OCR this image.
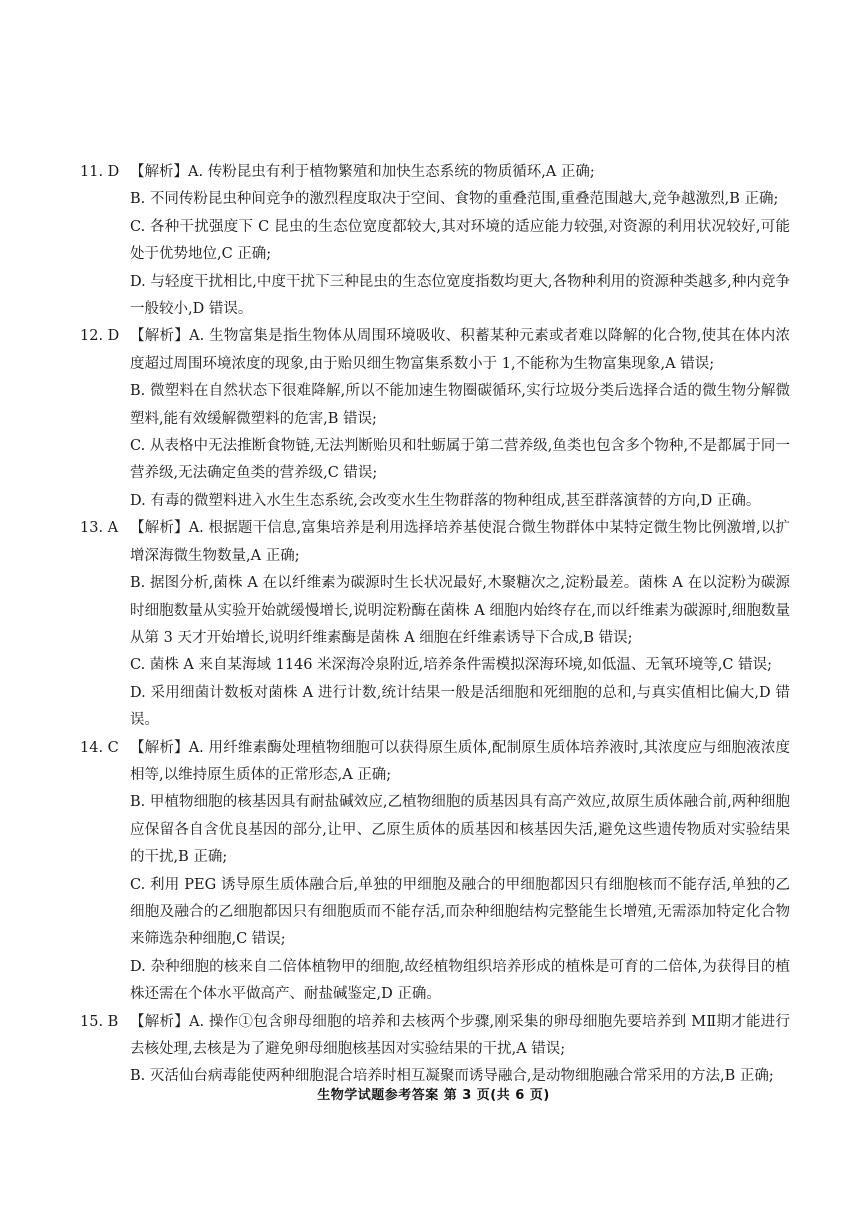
11. D 【解析】A. 传粉昆虫有利于植物繁殖和加快生态系统的物质循环,A 正确;

B. 不同传粉昆虫种间竞争的激烈程度取决于空间、食物的重叠范围,重叠范围越大,竞争越激烈,B 正确;

C. 各种干扰强度下 C 昆虫的生态位宽度都较大,其对环境的适应能力较强,对资源的利用状况较好,可能处于优势地位,C 正确;

D. 与轻度干扰相比,中度干扰下三种昆虫的生态位宽度指数均更大,各物种利用的资源种类越多,种内竞争一般较小,D 错误。

12. D 【解析】A. 生物富集是指生物体从周围环境吸收、积蓄某种元素或者难以降解的化合物,使其在体内浓度超过周围环境浓度的现象,由于贻贝细生物富集系数小于 1,不能称为生物富集现象,A 错误;

B. 微塑料在自然状态下很难降解,所以不能加速生物圈碳循环,实行垃圾分类后选择合适的微生物分解微塑料,能有效缓解微塑料的危害,B 错误;

C. 从表格中无法推断食物链,无法判断贻贝和牡蛎属于第二营养级,鱼类也包含多个物种,不是都属于同一营养级,无法确定鱼类的营养级,C 错误;

D. 有毒的微塑料进入水生生态系统,会改变水生生物群落的物种组成,甚至群落演替的方向,D 正确。

13. A 【解析】A. 根据题干信息,富集培养是利用选择培养基使混合微生物群体中某特定微生物比例激增,以扩增深海微生物数量,A 正确;

B. 据图分析,菌株 A 在以纤维素为碳源时生长状况最好,木聚糖次之,淀粉最差。菌株 A 在以淀粉为碳源时细胞数量从实验开始就缓慢增长,说明淀粉酶在菌株 A 细胞内始终存在,而以纤维素为碳源时,细胞数量从第 3 天才开始增长,说明纤维素酶是菌株 A 细胞在纤维素诱导下合成,B 错误;

C. 菌株 A 来自某海域 1146 米深海冷泉附近,培养条件需模拟深海环境,如低温、无氧环境等,C 错误;

D. 采用细菌计数板对菌株 A 进行计数,统计结果一般是活细胞和死细胞的总和,与真实值相比偏大,D 错误。

14. C 【解析】A. 用纤维素酶处理植物细胞可以获得原生质体,配制原生质体培养液时,其浓度应与细胞液浓度相等,以维持原生质体的正常形态,A 正确;

B. 甲植物细胞的核基因具有耐盐碱效应,乙植物细胞的质基因具有高产效应,故原生质体融合前,两种细胞应保留各自含优良基因的部分,让甲、乙原生质体的质基因和核基因失活,避免这些遗传物质对实验结果的干扰,B 正确;

C. 利用 PEG 诱导原生质体融合后,单独的甲细胞及融合的甲细胞都因只有细胞核而不能存活,单独的乙细胞及融合的乙细胞都因只有细胞质而不能存活,而杂种细胞结构完整能生长增殖,无需添加特定化合物来筛选杂种细胞,C 错误;

D. 杂种细胞的核来自二倍体植物甲的细胞,故经植物组织培养形成的植株是可育的二倍体,为获得目的植株还需在个体水平做高产、耐盐碱鉴定,D 正确。

15. B 【解析】A. 操作①包含卵母细胞的培养和去核两个步骤,刚采集的卵母细胞先要培养到 MⅡ期才能进行去核处理,去核是为了避免卵母细胞核基因对实验结果的干扰,A 错误;

B. 灭活仙台病毒能使两种细胞混合培养时相互凝聚而诱导融合,是动物细胞融合常采用的方法,B 正确;

生物学试题参考答案 第 3 页(共 6 页)
